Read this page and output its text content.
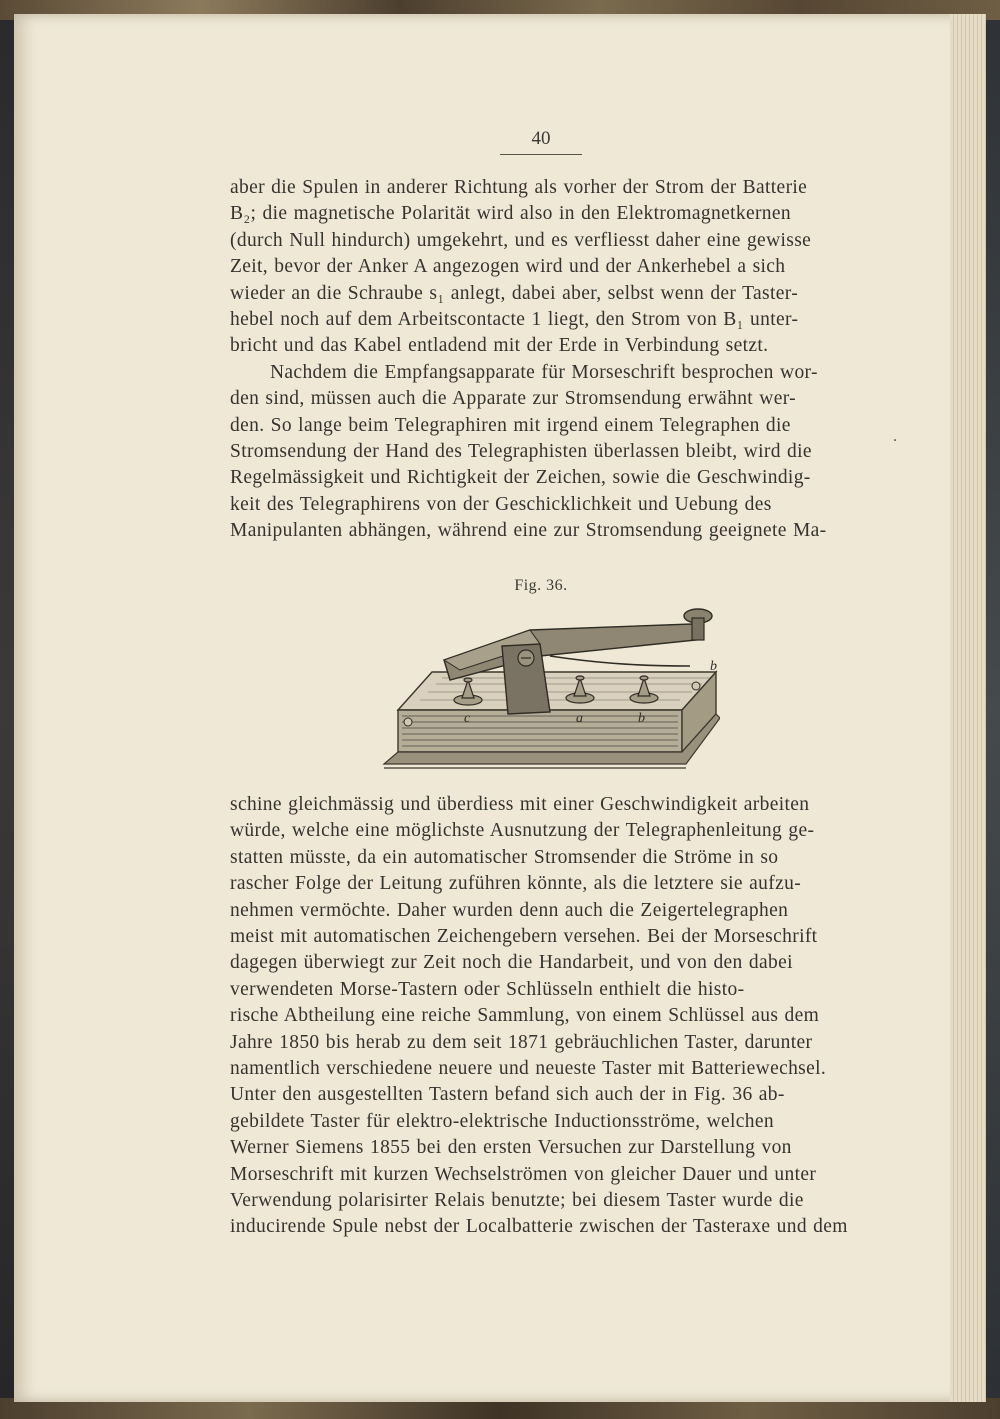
40
aber die Spulen in anderer Richtung als vorher der Strom der Batterie
B₂; die magnetische Polarität wird also in den Elektromagnetkernen
(durch Null hindurch) umgekehrt, und es verfliesst daher eine gewisse
Zeit, bevor der Anker A angezogen wird und der Ankerhebel a sich
wieder an die Schraube s₁ anlegt, dabei aber, selbst wenn der Taster-
hebel noch auf dem Arbeitscontacte 1 liegt, den Strom von B₁ unter-
bricht und das Kabel entladend mit der Erde in Verbindung setzt.
Nachdem die Empfangsapparate für Morseschrift besprochen wor-
den sind, müssen auch die Apparate zur Stromsendung erwähnt wer-
den. So lange beim Telegraphiren mit irgend einem Telegraphen die
Stromsendung der Hand des Telegraphisten überlassen bleibt, wird die
Regelmässigkeit und Richtigkeit der Zeichen, sowie die Geschwindig-
keit des Telegraphirens von der Geschicklichkeit und Uebung des
Manipulanten abhängen, während eine zur Stromsendung geeignete Ma-
Fig. 36.
b
c	a	b
schine gleichmässig und überdiess mit einer Geschwindigkeit arbeiten
würde, welche eine möglichste Ausnutzung der Telegraphenleitung ge-
statten müsste, da ein automatischer Stromsender die Ströme in so
rascher Folge der Leitung zuführen könnte, als die letztere sie aufzu-
nehmen vermöchte. Daher wurden denn auch die Zeigertelegraphen
meist mit automatischen Zeichengebern versehen. Bei der Morseschrift
dagegen überwiegt zur Zeit noch die Handarbeit, und von den dabei
verwendeten Morse-Tastern oder Schlüsseln enthielt die histo-
rische Abtheilung eine reiche Sammlung, von einem Schlüssel aus dem
Jahre 1850 bis herab zu dem seit 1871 gebräuchlichen Taster, darunter
namentlich verschiedene neuere und neueste Taster mit Batteriewechsel.
Unter den ausgestellten Tastern befand sich auch der in Fig. 36 ab-
gebildete Taster für elektro-elektrische Inductionsströme, welchen
Werner Siemens 1855 bei den ersten Versuchen zur Darstellung von
Morseschrift mit kurzen Wechselströmen von gleicher Dauer und unter
Verwendung polarisirter Relais benutzte; bei diesem Taster wurde die
inducirende Spule nebst der Localbatterie zwischen der Tasteraxe und dem
.
